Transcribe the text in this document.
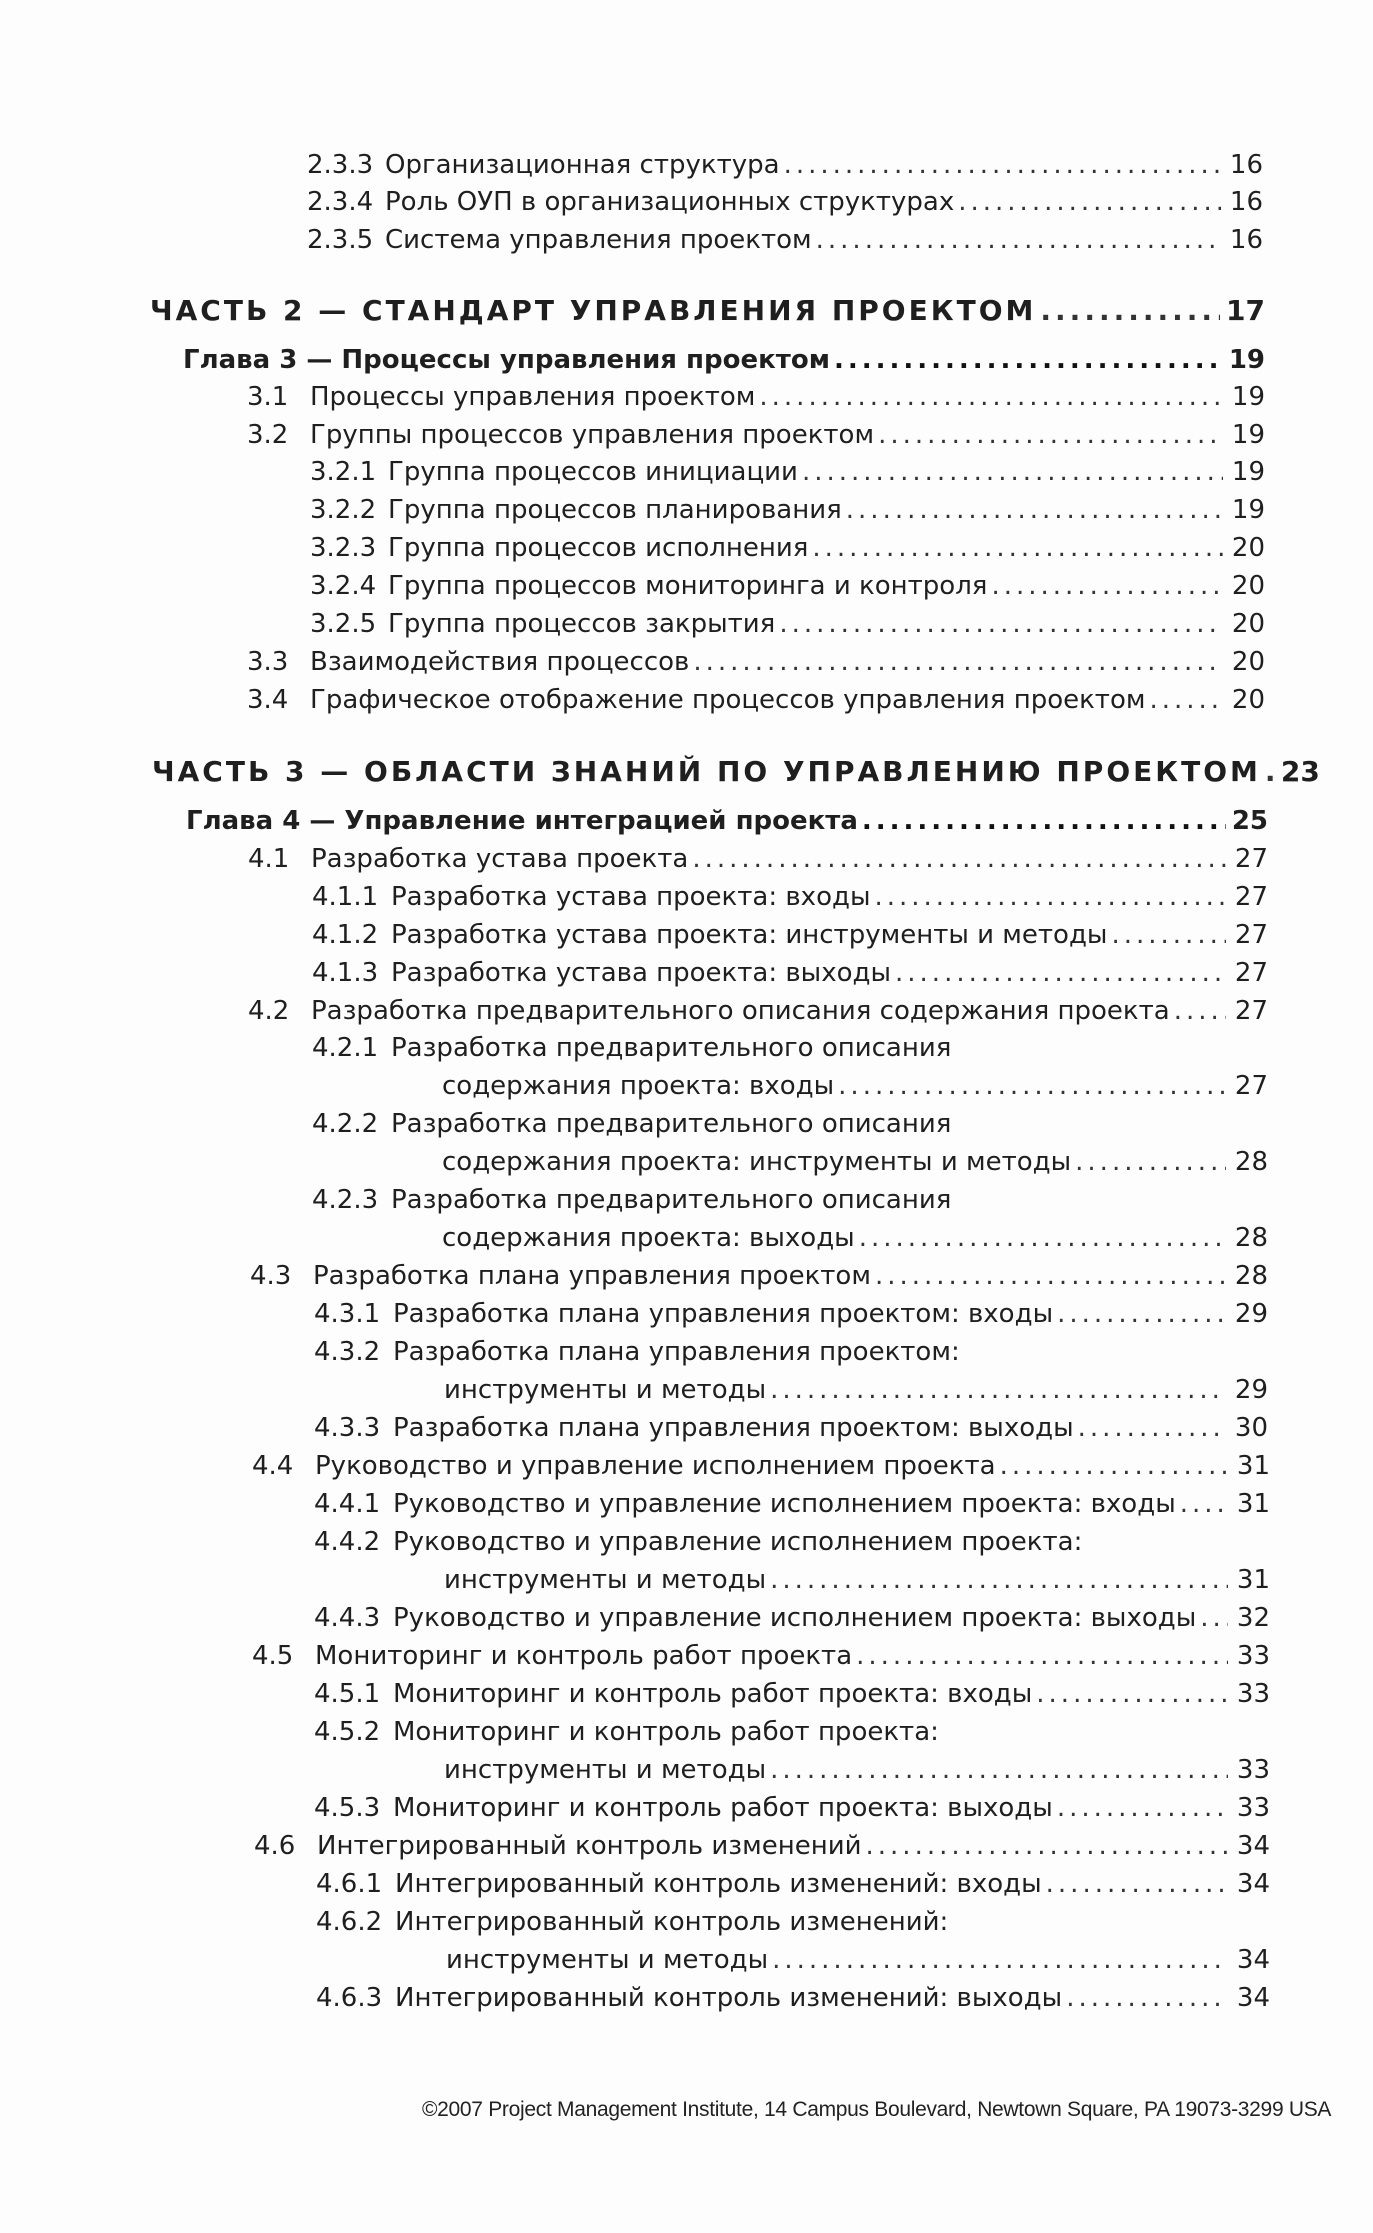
2.3.3 Организационная структура .....	16
2.3.4 Роль ОУП в организационных структурах .....	16
2.3.5 Система управления проектом .....	16
ЧАСТЬ 2 — СТАНДАРТ УПРАВЛЕНИЯ ПРОЕКТОМ .....	17
Глава 3 — Процессы управления проектом .....	19
3.1 Процессы управления проектом .....	19
3.2 Группы процессов управления проектом .....	19
3.2.1 Группа процессов инициации .....	19
3.2.2 Группа процессов планирования .....	19
3.2.3 Группа процессов исполнения .....	20
3.2.4 Группа процессов мониторинга и контроля .....	20
3.2.5 Группа процессов закрытия .....	20
3.3 Взаимодействия процессов .....	20
3.4 Графическое отображение процессов управления проектом .....	20
ЧАСТЬ 3 — ОБЛАСТИ ЗНАНИЙ ПО УПРАВЛЕНИЮ ПРОЕКТОМ ..... 23
Глава 4 — Управление интеграцией проекта .....	25
4.1 Разработка устава проекта .....	27
4.1.1 Разработка устава проекта: входы .....	27
4.1.2 Разработка устава проекта: инструменты и методы .....	27
4.1.3 Разработка устава проекта: выходы .....	27
4.2 Разработка предварительного описания содержания проекта .....	27
4.2.1 Разработка предварительного описания
содержания проекта: входы .....	27
4.2.2 Разработка предварительного описания
содержания проекта: инструменты и методы .....	28
4.2.3 Разработка предварительного описания
содержания проекта: выходы .....	28
4.3 Разработка плана управления проектом .....	28
4.3.1 Разработка плана управления проектом: входы .....	29
4.3.2 Разработка плана управления проектом:
инструменты и методы .....	29
4.3.3 Разработка плана управления проектом: выходы .....	30
4.4 Руководство и управление исполнением проекта .....	31
4.4.1 Руководство и управление исполнением проекта: входы ..... 31
4.4.2 Руководство и управление исполнением проекта:
инструменты и методы .....	31
4.4.3 Руководство и управление исполнением проекта: выходы ..... 32
4.5 Мониторинг и контроль работ проекта .....	33
4.5.1 Мониторинг и контроль работ проекта: входы .....	33
4.5.2 Мониторинг и контроль работ проекта:
инструменты и методы .....	33
4.5.3 Мониторинг и контроль работ проекта: выходы .....	33
4.6 Интегрированный контроль изменений .....	34
4.6.1 Интегрированный контроль изменений: входы .....	34
4.6.2 Интегрированный контроль изменений:
инструменты и методы .....	34
4.6.3 Интегрированный контроль изменений: выходы .....	34
©2007 Project Management Institute, 14 Campus Boulevard, Newtown Square, PA 19073-3299 USA
